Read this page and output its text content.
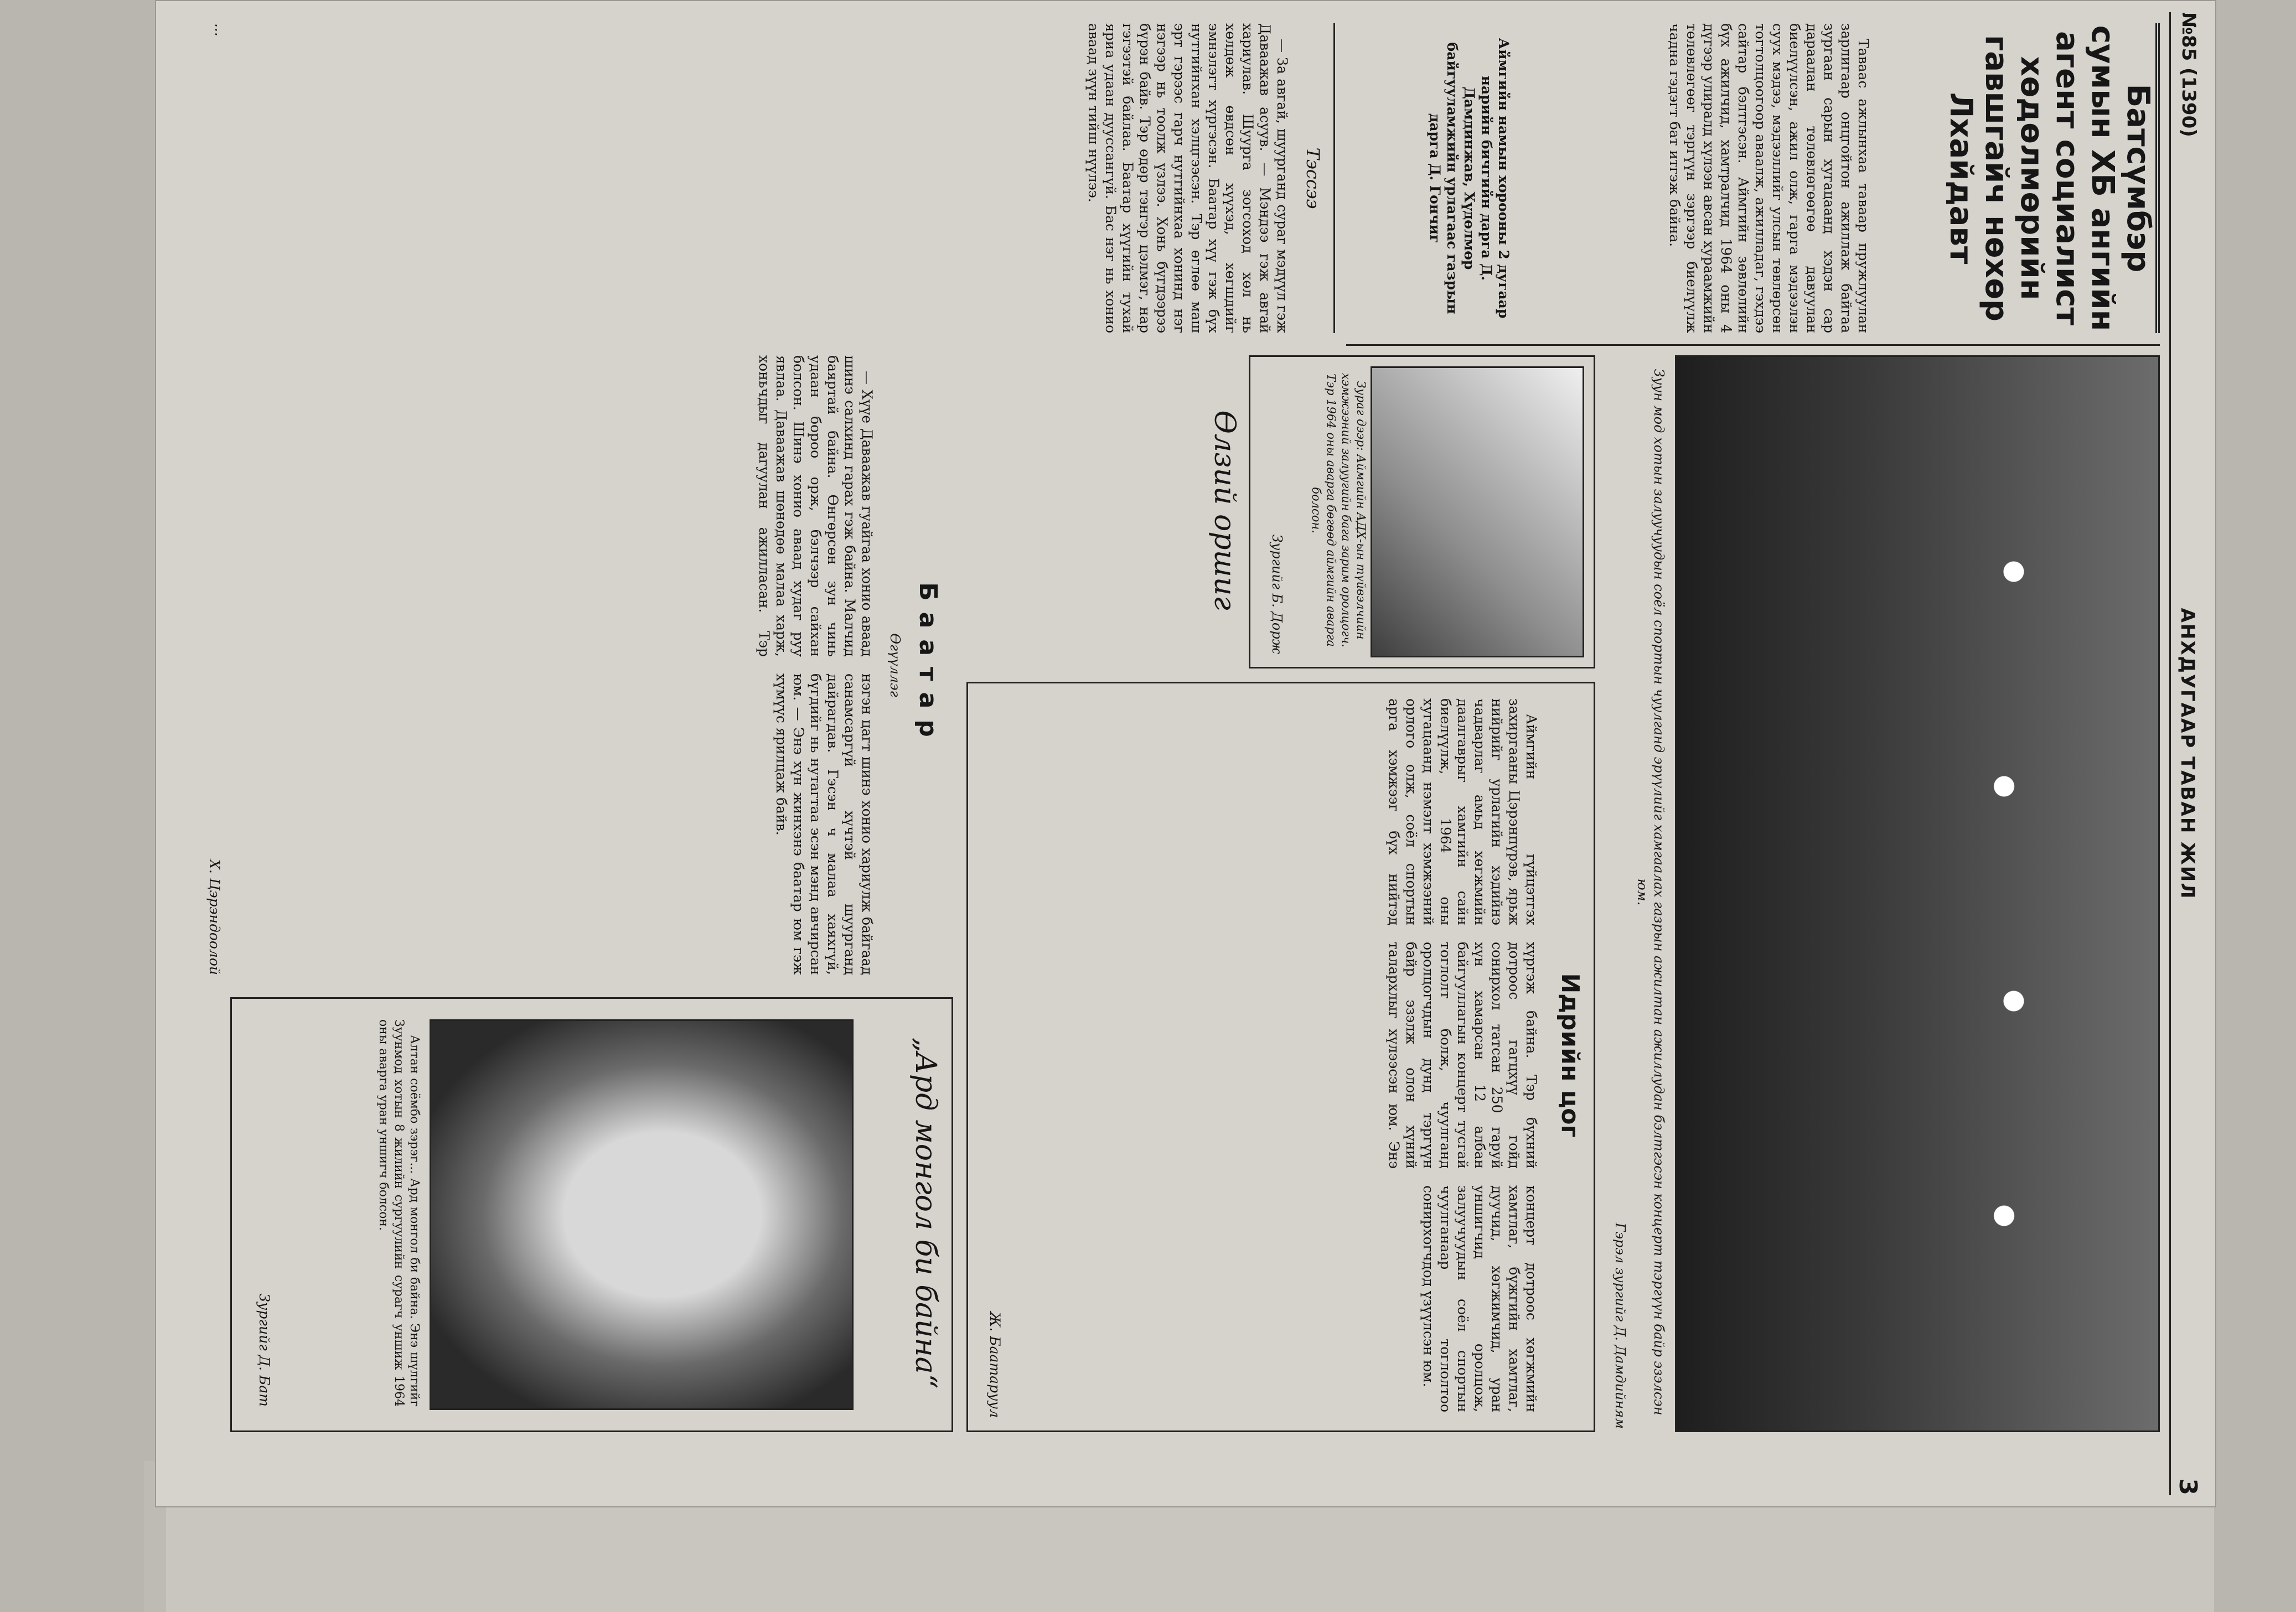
№85 (1390)
АНХДУГААР ТАВАН ЖИЛ
3
Батсүмбэр сумын ХБ ангийн агент социалист хөдөлмөрийн гавшгайч нөхөр Лхайдавт

Таваас ажлынхаа таваар пружлуулан зарлигаар онцгойтон ажиллаж байгаа зургаан сарын хугацаанд хэдэн сар дараалан төлөвлөгөөгөө давуулан биелүүлсэн, ажил олж, гарга мэдээлэн суух мэдээ, мэдээллийг улсын төвлөрсөн тогтолцоогоор аваалж, ажилладаг, гэхдээ сайтар бэлтгэсэн. Аймгийн зөвлөлийн бүх ажилчид, хамтралчид 1964 оны 4 дүгээр улиралд хүлээн авсан хураамжийн төлөвлөгөөг тэргүүн зэргээр биелүүлж чадна гэдэгт бат итгэж байна.

Аймгийн намын хорооны 2 дугаар нарийн бичгийн дарга Д. Дамдинжав, Хүдөлмөр байгууламжийн урлагаас газрын дарга Д. Гончиг

Зуун мод хотын залуучуудын соёл спортын чуулганд эрүүлийг хамгаалах газрын ажилтан ажиллудан бэлтгэсэн концерт тэргүүн байр эзэлсэн юм.
Гэрэл зургийг Д. Дамдийням
Зураг дээр: Аймгийн АДХ-ын түйвэлчийн хэмжээний залуугийн бага зарим оролцогч. Тэр 1964 оны аварга бөгөөд аймгийн аварга болсон.
Зургийг Б. Дорж
Өлзий оршиг
Идрийн цог

Аймгийн гүйцэтгэх захиргааны Цэрэнпүрэв, ярьж нийрийг урлагийн хэдийнэ чадварлаг амьд хөгжмийн даалгаврыг хамгийн сайн биелүүлж, 1964 оны хугацаанд нэмэлт хэмжээний орлого олж, соёл спортын арга хэмжээг бүх нийтэд хүргэж байна. Тэр бүхний дотроос гагцхүү гойд сонирхол татсан 250 гаруй хүн хамарсан 12 албан байгууллагын концерт тусгай тоглолт болж, чуулганд оролцогчдын дунд тэргүүн байр эзэлж олон хүний талархлыг хүлээсэн юм. Энэ концерт дотроос хөгжмийн хамтлаг, бүжгийн хамтлаг, дуучид, хөгжимчид, уран уншигчид оролцож, залуучуудын соёл спортын чуулганаар тоглолтоо сонирхогчдод үзүүлсэн юм.

Ж. Баатаруул
„Ард монгол би байна“

Алтан соёмбо зэрэг... Ард монгол би байна. Энэ шүлгийг Зуунмод хотын 8 жилийн сургуулийн сурагч уншиж 1964 оны аварга уран уншигч болсон.

Зургийг Д. Бат
Баатар
Өгүүллэг

— Хүүе Даваажав гуайгаа хонио аваад шинэ салхинд гарах гэж байна. Малчид баяртай байна. Өнгөрсөн зун чинь удаан бороо орж, бэлчээр сайхан болсон. Шинэ хонио аваад худаг руу явлаа. Даваажав шөнөдөө малаа харж, хоньчдыг дагуулан ажилласан. Тэр нэгэн цагт шинэ хонио хариулж байгаад санамсаргүй хүчтэй шуурганд дайрагдав. Гэсэн ч малаа хаяхгүй, бүгдийг нь нутагтаа эсэн мэнд авчирсан юм. — Энэ хүн жинхэнэ баатар юм гэж хүмүүс ярилцаж байв.

Х. Цэрэндоолой
Тэссээ

— За авгай, шуурганд сураг мэдүүл гэж Даваажав асуув. — Мэндээ гэж авгай хариулав. Шуурга зогсоход хөл нь хөлдөж өвдсөн хүүхэд, хөгшдийг эмнэлэгт хүргэсэн. Баатар хүү гэж бүх нутгийнхан хэлцгээсэн. Тэр өглөө маш эрт гэрээс гарч нутгийнхаа хонинд нэг нэгээр нь тоолж үзлээ. Хонь бүгдээрээ бүрэн байв. Тэр өдөр тэнгэр цэлмэг, нар гэгээтэй байлаа. Баатар хүүгийн тухай яриа удаан дууссангүй. Бас нэг нь хонио аваад зүүн тийш нүүлээ.

...
